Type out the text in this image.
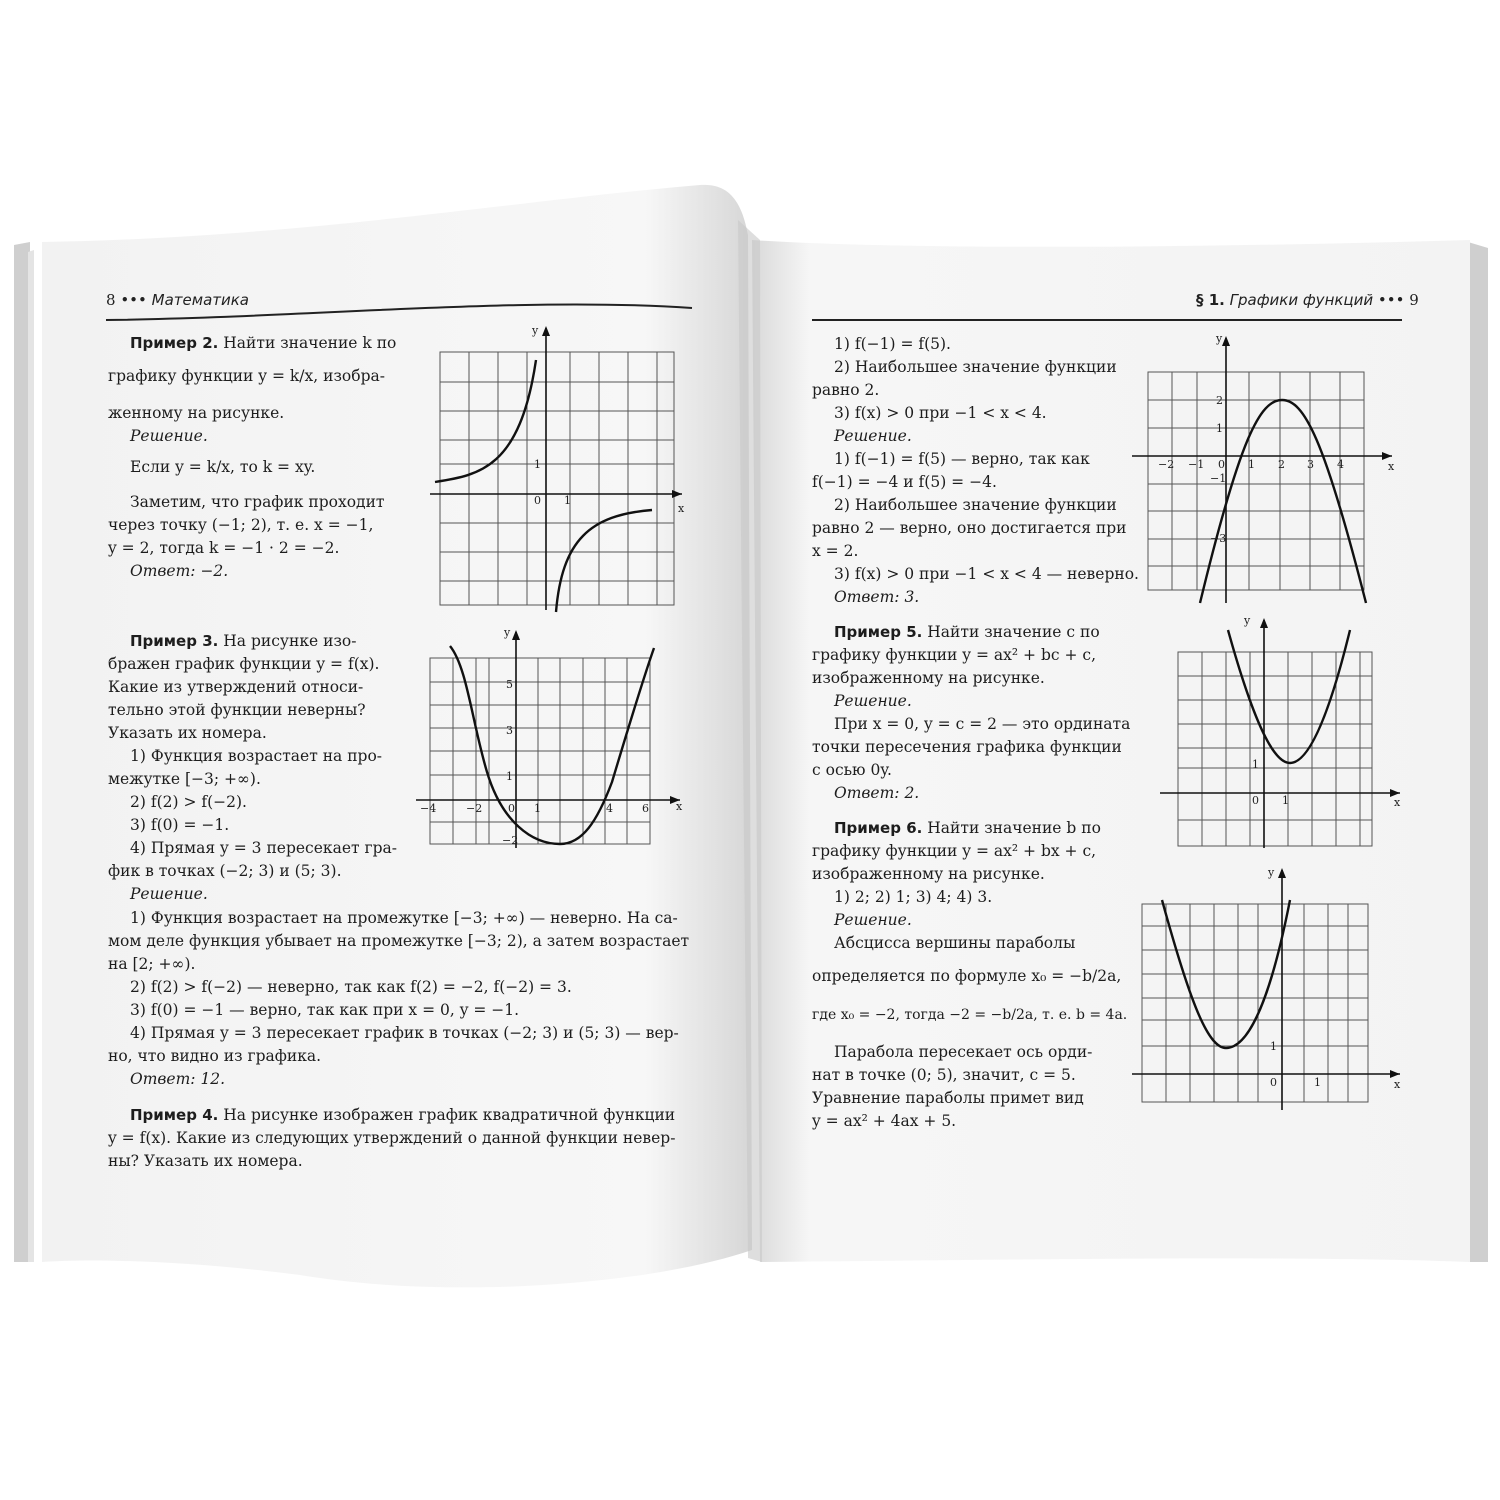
8 ••• Математика	§ 1. Графики функций ••• 9

Пример 2. Найти значение k по

графику функции y = k/x, изобра-

женному на рисунке.

Решение.

Если y = k/x, то k = xy.

Заметим, что график проходит

через точку (−1; 2), т. е. x = −1,

y = 2, тогда k = −1 · 2 = −2.

Ответ: −2.

Пример 3. На рисунке изо-

бражен график функции y = f(x).

Какие из утверждений относи-

тельно этой функции неверны?

Указать их номера.

1) Функция возрастает на про-

межутке [−3; +∞).

2) f(2) > f(−2).

3) f(0) = −1.

4) Прямая y = 3 пересекает гра-

фик в точках (−2; 3) и (5; 3).

Решение.

1) Функция возрастает на промежутке [−3; +∞) — неверно. На са-

мом деле функция убывает на промежутке [−3; 2), а затем возрастает

на [2; +∞).

2) f(2) > f(−2) — неверно, так как f(2) = −2, f(−2) = 3.

3) f(0) = −1 — верно, так как при x = 0, y = −1.

4) Прямая y = 3 пересекает график в точках (−2; 3) и (5; 3) — вер-

но, что видно из графика.

Ответ: 12.

Пример 4. На рисунке изображен график квадратичной функции

y = f(x). Какие из следующих утверждений о данной функции невер-

ны? Указать их номера.

1) f(−1) = f(5).

2) Наибольшее значение функции

равно 2.

3) f(x) > 0 при −1 < x < 4.

Решение.

1) f(−1) = f(5) — верно, так как

f(−1) = −4 и f(5) = −4.

2) Наибольшее значение функции

равно 2 — верно, оно достигается при

x = 2.

3) f(x) > 0 при −1 < x < 4 — неверно.

Ответ: 3.

Пример 5. Найти значение c по

графику функции y = ax² + bc + c,

изображенному на рисунке.

Решение.

При x = 0, y = c = 2 — это ордината

точки пересечения графика функции

с осью 0y.

Ответ: 2.

Пример 6. Найти значение b по

графику функции y = ax² + bx + c,

изображенному на рисунке.

1) 2; 2) 1; 3) 4; 4) 3.

Решение.

Абсцисса вершины параболы

определяется по формуле x₀ = −b/2a,

где x₀ = −2, тогда −2 = −b/2a, т. е. b = 4a.

Парабола пересекает ось орди-

нат в точке (0; 5), значит, c = 5.

Уравнение параболы примет вид

y = ax² + 4ax + 5.

y
x
1
0 1
y
x
−4	−2 0 1	4	6
5
3
1
−2
y
x
−2 −1 0 1 2 3 4
2
1
−1
−3
y
x
1
0 1
y
x
1
0	1
